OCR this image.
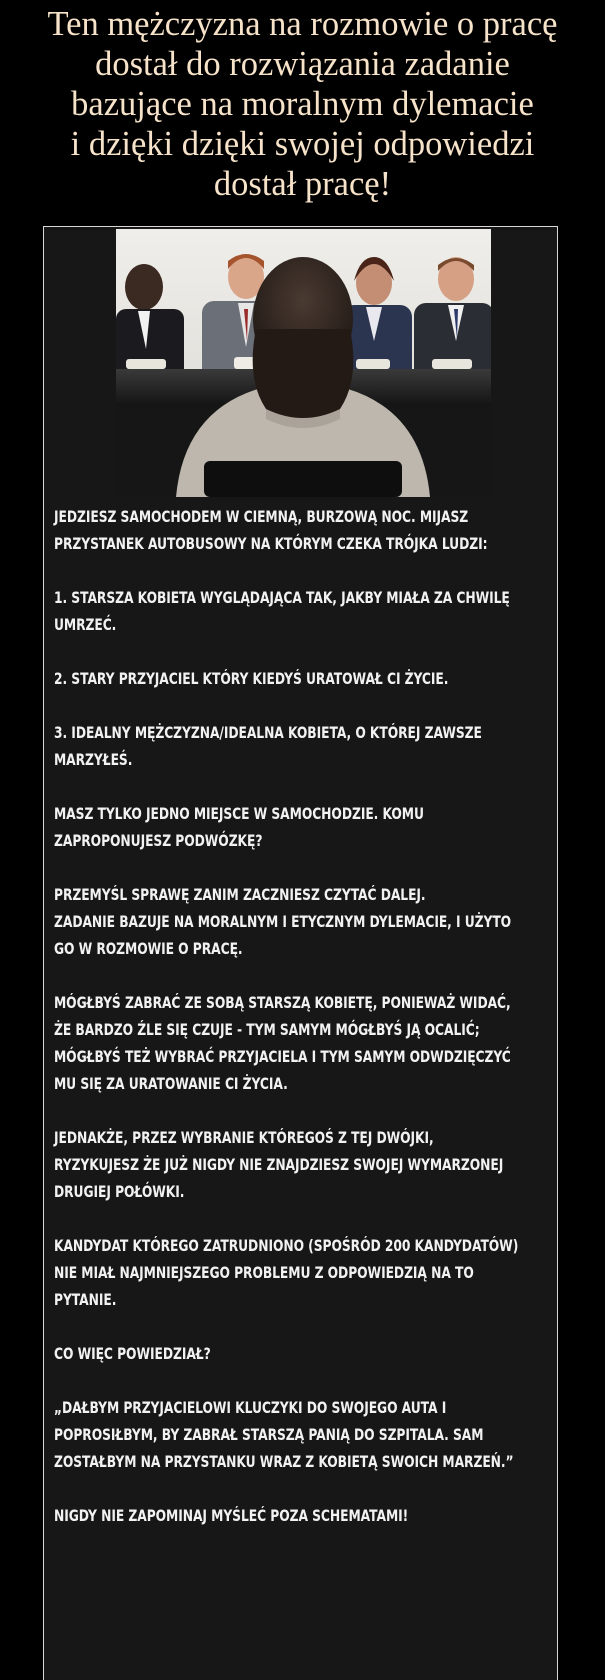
Ten mężczyzna na rozmowie o pracę
dostał do rozwiązania zadanie
bazujące na moralnym dylemacie
i dzięki dzięki swojej odpowiedzi
dostał pracę!

JEDZIESZ SAMOCHODEM W CIEMNĄ, BURZOWĄ NOC. MIJASZ
PRZYSTANEK AUTOBUSOWY NA KTÓRYM CZEKA TRÓJKA LUDZI:

1. STARSZA KOBIETA WYGLĄDAJĄCA TAK, JAKBY MIAŁA ZA CHWILĘ
UMRZEĆ.

2. STARY PRZYJACIEL KTÓRY KIEDYŚ URATOWAŁ CI ŻYCIE.

3. IDEALNY MĘŻCZYZNA/IDEALNA KOBIETA, O KTÓREJ ZAWSZE
MARZYŁEŚ.

MASZ TYLKO JEDNO MIEJSCE W SAMOCHODZIE. KOMU
ZAPROPONUJESZ PODWÓZKĘ?

PRZEMYŚL SPRAWĘ ZANIM ZACZNIESZ CZYTAĆ DALEJ.
ZADANIE BAZUJE NA MORALNYM I ETYCZNYM DYLEMACIE, I UŻYTO
GO W ROZMOWIE O PRACĘ.

MÓGŁBYŚ ZABRAĆ ZE SOBĄ STARSZĄ KOBIETĘ, PONIEWAŻ WIDAĆ,
ŻE BARDZO ŹLE SIĘ CZUJE - TYM SAMYM MÓGŁBYŚ JĄ OCALIĆ;
MÓGŁBYŚ TEŻ WYBRAĆ PRZYJACIELA I TYM SAMYM ODWDZIĘCZYĆ
MU SIĘ ZA URATOWANIE CI ŻYCIA.

JEDNAKŻE, PRZEZ WYBRANIE KTÓREGOŚ Z TEJ DWÓJKI,
RYZYKUJESZ ŻE JUŻ NIGDY NIE ZNAJDZIESZ SWOJEJ WYMARZONEJ
DRUGIEJ POŁÓWKI.

KANDYDAT KTÓREGO ZATRUDNIONO (SPOŚRÓD 200 KANDYDATÓW)
NIE MIAŁ NAJMNIEJSZEGO PROBLEMU Z ODPOWIEDZIĄ NA TO
PYTANIE.

CO WIĘC POWIEDZIAŁ?

„DAŁBYM PRZYJACIELOWI KLUCZYKI DO SWOJEGO AUTA I
POPROSIŁBYM, BY ZABRAŁ STARSZĄ PANIĄ DO SZPITALA. SAM
ZOSTAŁBYM NA PRZYSTANKU WRAZ Z KOBIETĄ SWOICH MARZEŃ.”

NIGDY NIE ZAPOMINAJ MYŚLEĆ POZA SCHEMATAMI!
